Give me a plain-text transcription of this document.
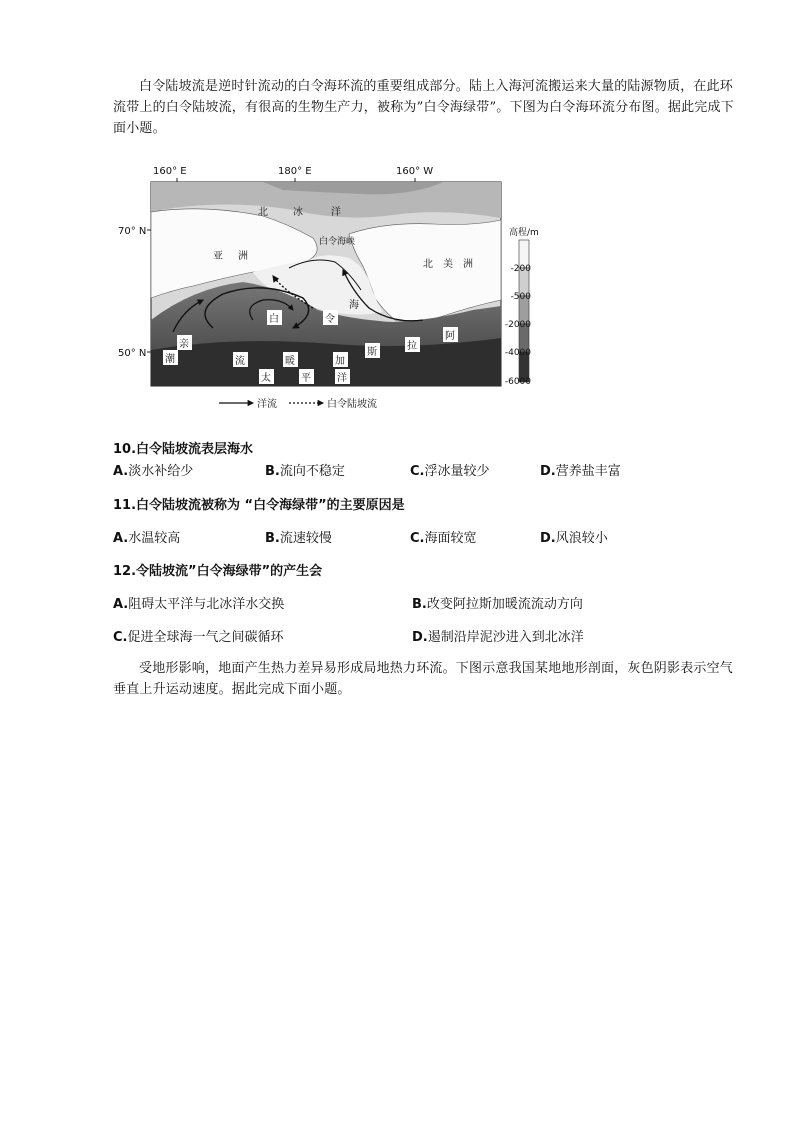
白令陆坡流是逆时针流动的白令海环流的重要组成部分。陆上入海河流搬运来大量的陆源物质，在此环流带上的白令陆坡流，有很高的生物生产力，被称为”白令海绿带”。下图为白令海环流分布图。据此完成下面小题。

160° E	180° E	160° W
70° N
50° N
北	冰	洋
亚 洲
白令海峡
北 美 洲
海
白	令
亲
潮	流	暖	加
斯
拉
阿
太	平	洋
高程/m
-200
-500
-2000
-4000
-6000
洋流	白令陆坡流

10.白令陆坡流表层海水

A.淡水补给少	B.流向不稳定	C.浮冰量较少	D.营养盐丰富

11.白令陆坡流被称为 “白令海绿带”的主要原因是

A.水温较高	B.流速较慢	C.海面较宽	D.风浪较小

12.令陆坡流”白令海绿带”的产生会

A.阻碍太平洋与北冰洋水交换	B.改变阿拉斯加暖流流动方向
C.促进全球海一气之间碳循环	D.遏制沿岸泥沙进入到北冰洋

受地形影响，地面产生热力差异易形成局地热力环流。下图示意我国某地地形剖面，灰色阴影表示空气垂直上升运动速度。据此完成下面小题。
